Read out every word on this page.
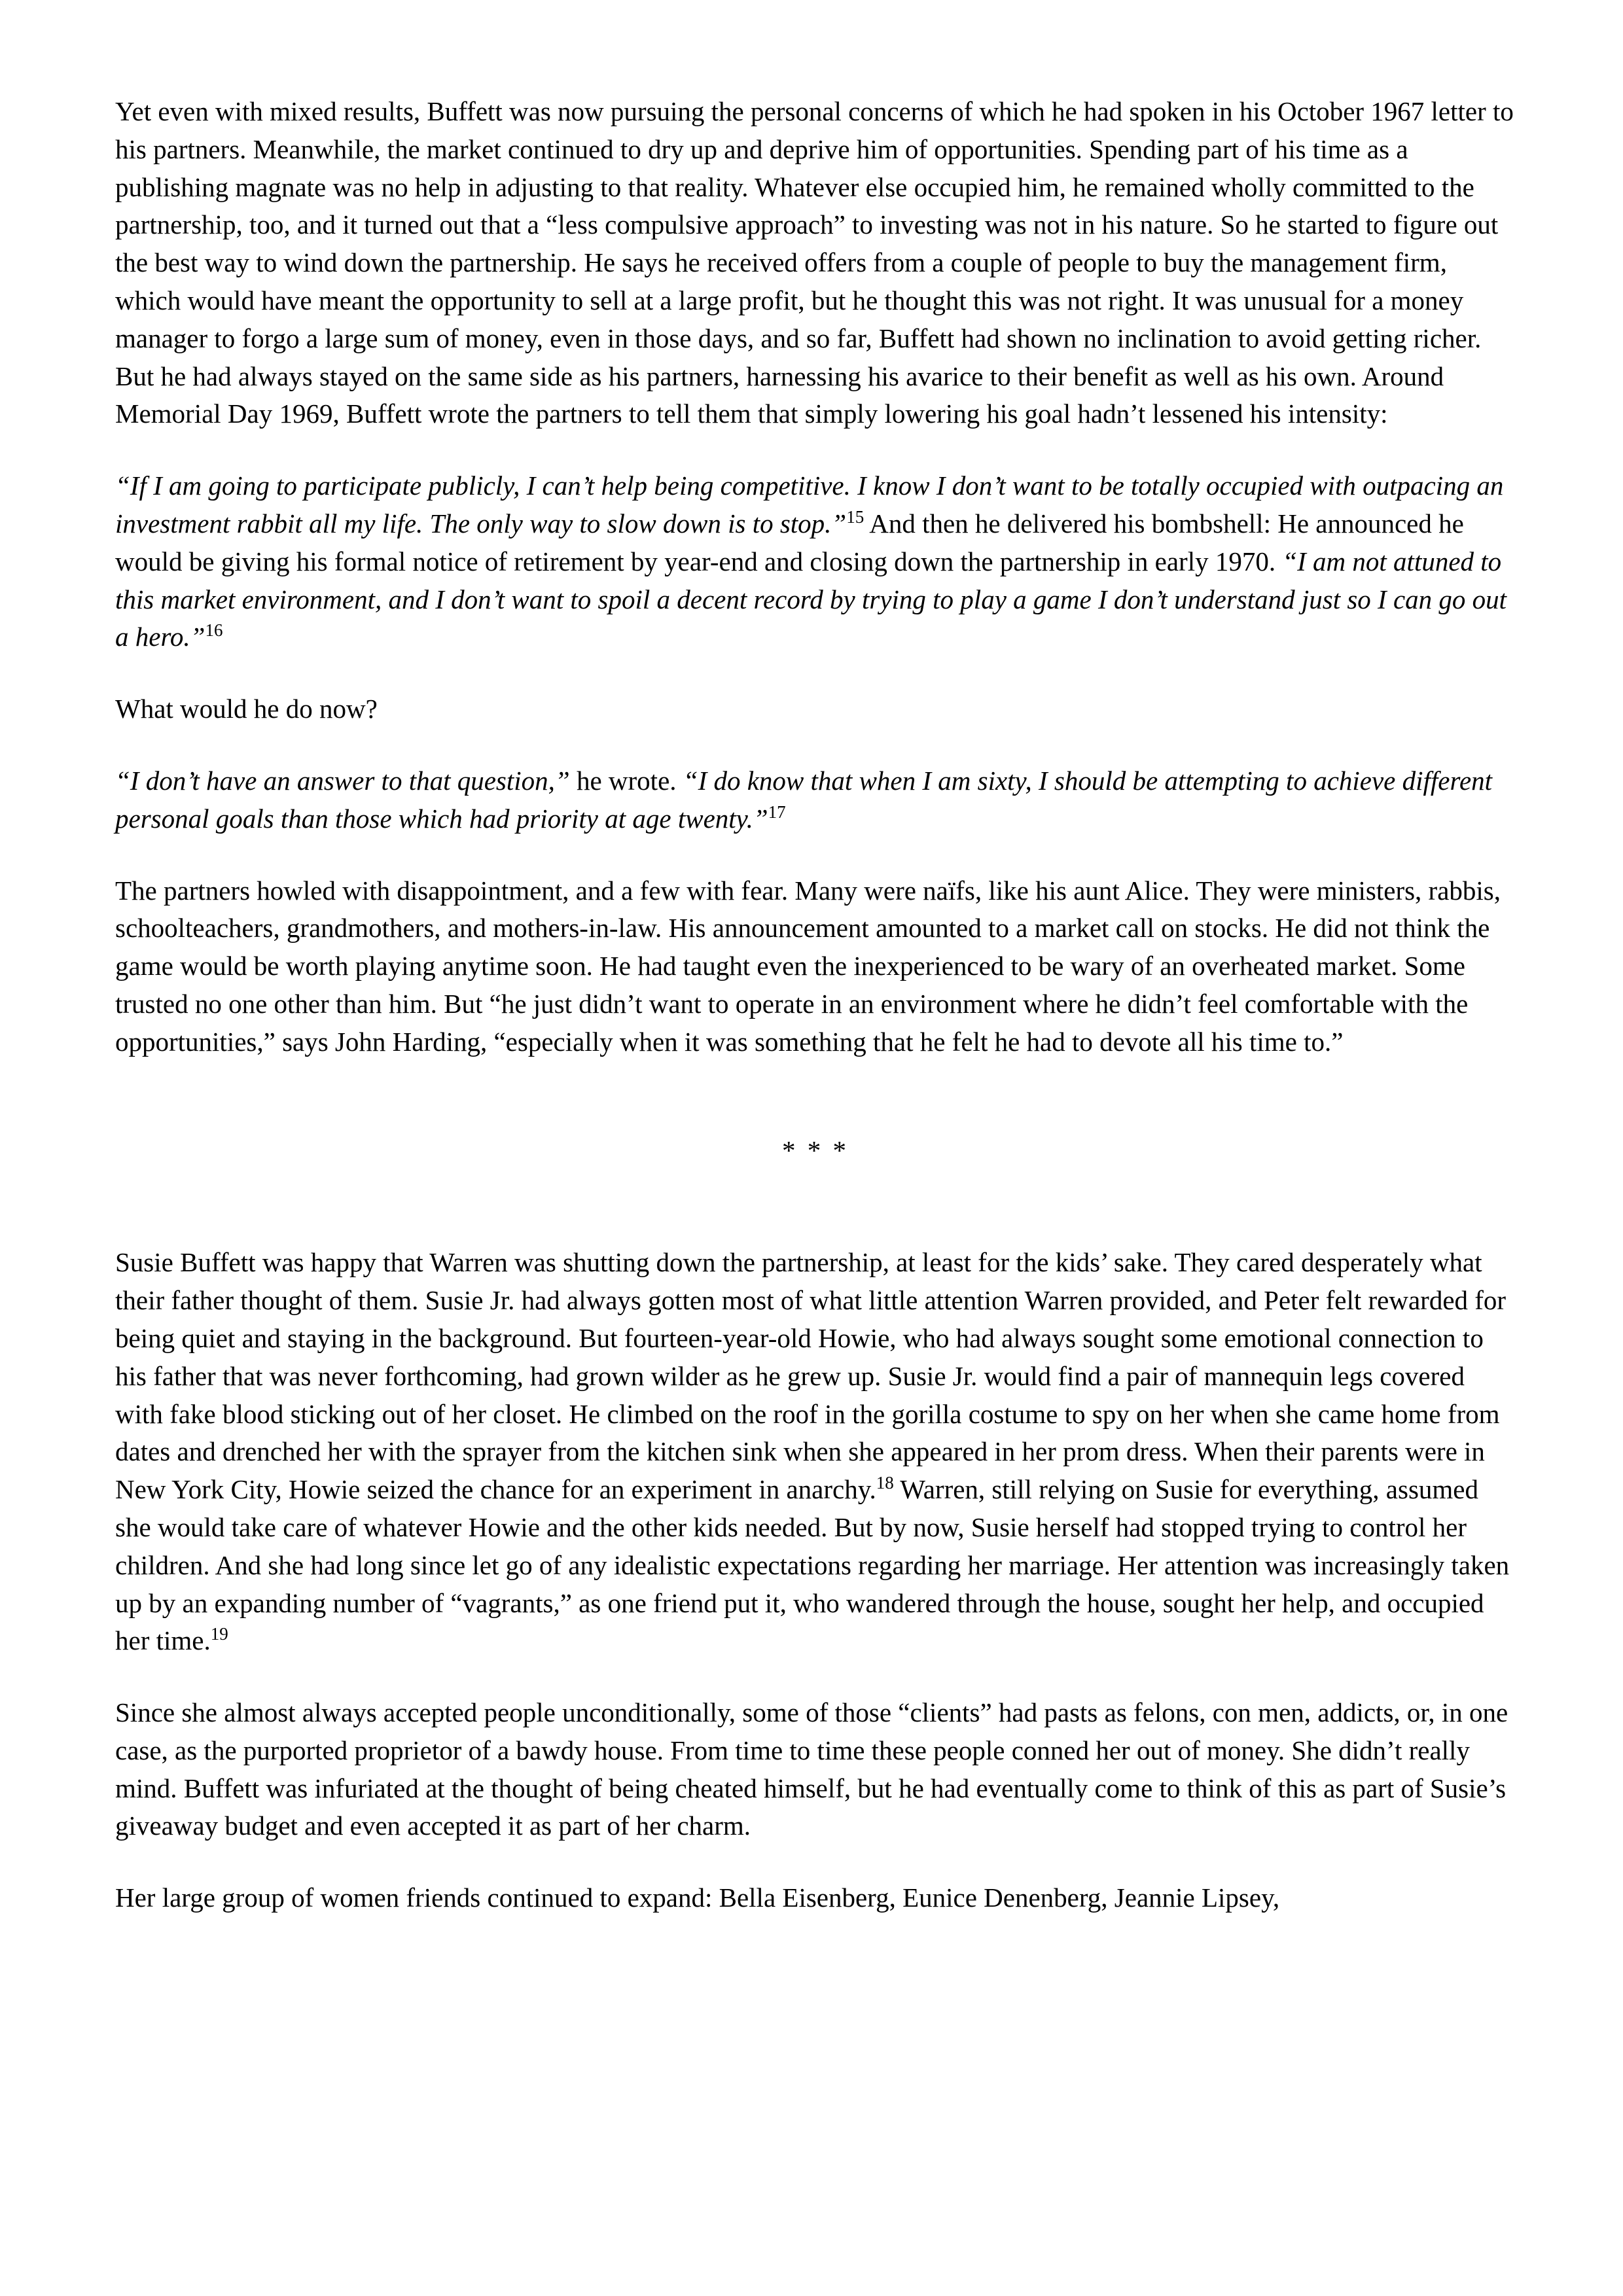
Yet even with mixed results, Buffett was now pursuing the personal concerns of which he had spoken in his October 1967 letter to his partners. Meanwhile, the market continued to dry up and deprive him of opportunities. Spending part of his time as a publishing magnate was no help in adjusting to that reality. Whatever else occupied him, he remained wholly committed to the partnership, too, and it turned out that a “less compulsive approach” to investing was not in his nature. So he started to figure out the best way to wind down the partnership. He says he received offers from a couple of people to buy the management firm, which would have meant the opportunity to sell at a large profit, but he thought this was not right. It was unusual for a money manager to forgo a large sum of money, even in those days, and so far, Buffett had shown no inclination to avoid getting richer. But he had always stayed on the same side as his partners, harnessing his avarice to their benefit as well as his own. Around Memorial Day 1969, Buffett wrote the partners to tell them that simply lowering his goal hadn’t lessened his intensity:

“If I am going to participate publicly, I can’t help being competitive. I know I don’t want to be totally occupied with outpacing an investment rabbit all my life. The only way to slow down is to stop.”$^{15}$ And then he delivered his bombshell: He announced he would be giving his formal notice of retirement by year-end and closing down the partnership in early 1970. “I am not attuned to this market environment, and I don’t want to spoil a decent record by trying to play a game I don’t understand just so I can go out a hero.”$^{16}$

What would he do now?

“I don’t have an answer to that question,” he wrote. “I do know that when I am sixty, I should be attempting to achieve different personal goals than those which had priority at age twenty.”$^{17}$

The partners howled with disappointment, and a few with fear. Many were naïfs, like his aunt Alice. They were ministers, rabbis, schoolteachers, grandmothers, and mothers-in-law. His announcement amounted to a market call on stocks. He did not think the game would be worth playing anytime soon. He had taught even the inexperienced to be wary of an overheated market. Some trusted no one other than him. But “he just didn’t want to operate in an environment where he didn’t feel comfortable with the opportunities,” says John Harding, “especially when it was something that he felt he had to devote all his time to.”

* * *

Susie Buffett was happy that Warren was shutting down the partnership, at least for the kids’ sake. They cared desperately what their father thought of them. Susie Jr. had always gotten most of what little attention Warren provided, and Peter felt rewarded for being quiet and staying in the background. But fourteen-year-old Howie, who had always sought some emotional connection to his father that was never forthcoming, had grown wilder as he grew up. Susie Jr. would find a pair of mannequin legs covered with fake blood sticking out of her closet. He climbed on the roof in the gorilla costume to spy on her when she came home from dates and drenched her with the sprayer from the kitchen sink when she appeared in her prom dress. When their parents were in New York City, Howie seized the chance for an experiment in anarchy.$^{18}$ Warren, still relying on Susie for everything, assumed she would take care of whatever Howie and the other kids needed. But by now, Susie herself had stopped trying to control her children. And she had long since let go of any idealistic expectations regarding her marriage. Her attention was increasingly taken up by an expanding number of “vagrants,” as one friend put it, who wandered through the house, sought her help, and occupied her time.$^{19}$

Since she almost always accepted people unconditionally, some of those “clients” had pasts as felons, con men, addicts, or, in one case, as the purported proprietor of a bawdy house. From time to time these people conned her out of money. She didn’t really mind. Buffett was infuriated at the thought of being cheated himself, but he had eventually come to think of this as part of Susie’s giveaway budget and even accepted it as part of her charm.

Her large group of women friends continued to expand: Bella Eisenberg, Eunice Denenberg, Jeannie Lipsey,
